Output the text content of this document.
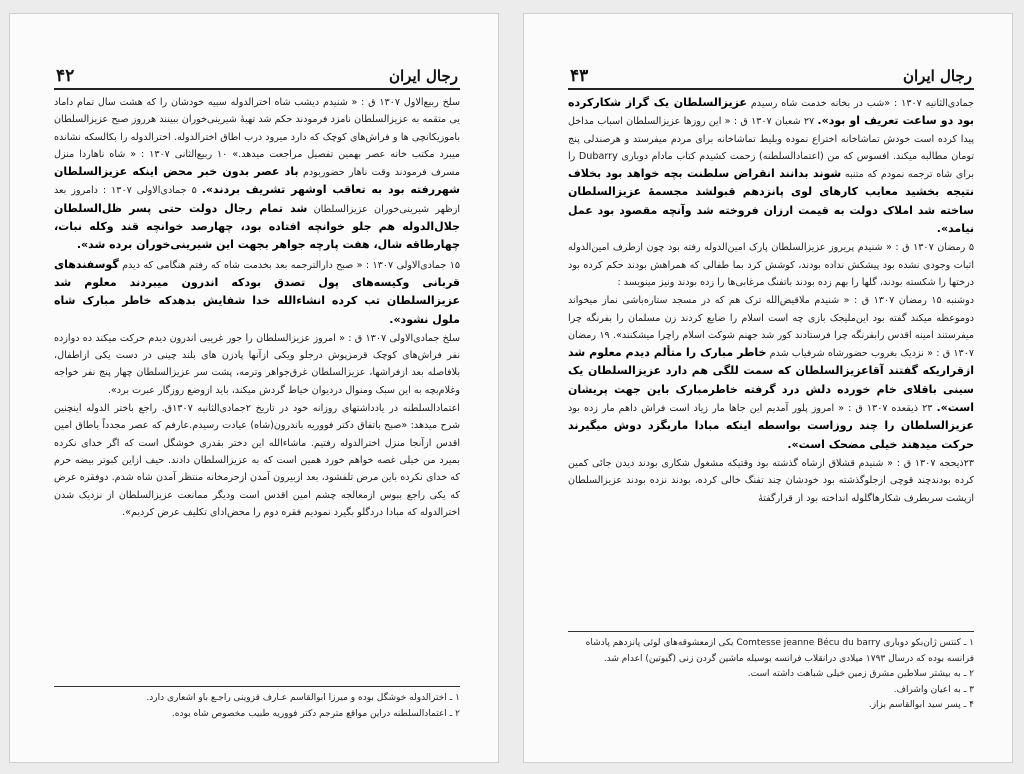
رجال ایران
۴۲

سلخ ربیع‌الاول ۱۳۰۷ ق : « شنیدم دیشب شاه اخترالدوله سبیه خودشان را که هشت سال تمام داماد یی متقمه به عزیزالسلطان نامزد فرمودند حکم شد تهیهٔ شیرینی‌خوران ببینند هرروز صبح عزیزالسلطان باموزیکانچی ها و فراش‌های کوچک که دارد میرود درب اطاق اخترالدوله. اخترالدوله را بکالسکه نشانده میبرد مکتب خانه عصر بهمین تفصیل مراجعت میدهد.» ۱۰ ربیع‌الثانی ۱۳۰۷ : « شاه ناهاردا منزل مسرف فرمودند وقت ناهار حضوربودم باد عصر بدون خبر محض اینکه عزیزالسلطان شهررفته بود به تعاقب اوشهر تشریف بردند». ۵ جمادی‌الاولی ۱۳۰۷ : دامروز بعد ازظهر شیرینی‌خوران عزیزالسلطان شد تمام رجال دولت حتی پسر ظل‌السلطان جلال‌الدوله هم جلو خوانچه افتاده بود، چهارصد خوانچه قند وکله نبات، چهارطاقه شال، هفت پارچه جواهر بجهت این شیرینی‌خوران برده شد».

۱۵ جمادی‌الاولی ۱۳۰۷ : « صبح دارالترجمه بعد بخدمت شاه که رفتم هنگامی که دیدم گوسفندهای قربانی وکیسه‌های پول تصدق بودکه اندرون میبردند معلوم شد عزیزالسلطان تب کرده انشاءالله خدا شفایش بدهدکه خاطر مبارک شاه ملول نشود».

سلخ جمادی‌الاولی ۱۳۰۷ ق : « امروز عزیزالسلطان را جور غریبی اندرون دیدم حرکت میکند ده دوازده نفر فراش‌های کوچک قرمزپوش درجلو ویکی ازآنها پادزن های بلند چینی در دست یکی ازاطفال، بلافاصله بعد ازفراشها، عزیزالسلطان غرق‌جواهر وترمه، پشت سر عزیزالسلطان چهار پنج نفر خواجه وغلام‌بچه به این سبک ومنوال دردیوان خیاط گردش میکند، باید ازوضع روزگار عبرت برد».

اعتمادالسلطنه در یادداشتهای روزانه خود در تاریخ ۲جمادی‌الثانیه ۱۳۰۷ق. راجع باختر الدوله اینچنین شرح میدهد: «صبح باتفاق دکتر فووریه باندرون(شاه) عیادت رسیدم.عارفم که عصر مجدداً باطاق امین اقدس ازآنجا منزل اخترالدوله رفتیم. ماشاءالله این دختر بقدری خوشگل است که اگر خدای نکرده بمیرد من خیلی غصه خواهم خورد همین است که به عزیزالسلطان دادند. حیف ازاین کبوتر بیضه حرم که خدای نکرده باین مرض تلفشود، بعد ازبیرون آمدن ازحرمخانه منتظر آمدن شاه شدم. دوفقره عرض که یکی راجع ببوس ازمعالجه چشم امین اقدس است ودیگر ممانعت عزیزالسلطان از نزدیک شدن اخترالدوله که مبادا دردگلو بگیرد نمودیم فقره دوم را محض‌ادای تکلیف عرض کردیم».

۱ ـ اخترالدوله خوشگل بوده و میرزا ابوالقاسم عـارف قزوینی راجـع باو اشعاری دارد.
۲ ـ اعتمادالسلطنه دراین مواقع مترجم دکتر فووریه طبیب مخصوص شاه بوده.
رجال ایران
۴۳

جمادی‌الثانیه ۱۳۰۷ : «شب در بخانه خدمت شاه رسیدم عزیزالسلطان یک گراز شکارکرده بود دو ساعت تعریف او بود». ۲۷ شعبان ۱۳۰۷ ق : « این روزها عزیزالسلطان اسباب مداخل پیدا کرده است خودش تماشاخانه اختراع نموده وبلیط تماشاخانه برای مردم میفرستد و هرصندلی پنج تومان مطالبه میکند. افسوس که من (اعتمادالسلطنه) زحمت کشیدم کتاب مادام دوباری Dubarry را برای شاه ترجمه نمودم که متنبه شوند بدانند انقراض سلطنت بچه خواهد بود بخلاف نتیجه بخشید معایب کارهای لوی پانزدهم قبولشد مجسمهٔ عزیزالسلطان ساخته شد املاک دولت به قیمت ارزان فروخته شد وآنچه مقصود بود عمل نیامد».

۵ رمضان ۱۳۰۷ ق : « شنیدم پریروز عزیزالسلطان پارک امین‌الدوله رفته بود چون ازطرف امین‌الدوله اثبات وجودی نشده بود پیشکش نداده بودند، کوشش کرد بما طفالی که همراهش بودند حکم کرده بود درختها را شکسته بودند، گلها را بهم زده بودند باتفنگ مرغابی‌ها را زده بودند ونیز مینویسد :

دوشنبه ۱۵ رمضان ۱۳۰۷ ق : « شنیدم ملاقیض‌الله ترک هم که در مسجد ستاره‌باشی نماز میخواند دوموعظه میکند گفته بود این‌ملیجک بازی چه است اسلام را ضایع کردند زن مسلمان را بفرنگه چرا میفرستند امینه اقدس رابفرنگه چرا فرستادند کور شد جهنم شوکت اسلام راچرا میشکنند». ۱۹ رمضان ۱۳۰۷ ق : « نزدیک بغروب حضورشاه شرفیاب شدم خاطر مبارک را متألم دیدم معلوم شد ازقراریکه گفتند آقاعزیزالسلطان که سمت للگی هم دارد عزیزالسلطان یک سینی باقلای خام خورده دلش درد گرفته خاطرمبارک باین جهت پریشان است». ۲۳ ذیقعده ۱۳۰۷ ق : « امروز پلور آمدیم این جاها مار زیاد است فراش داهم مار زده بود عزیزالسلطان را چند روزاست بواسطه اینکه مبادا ماربگزد دوش میگیرند حرکت میدهند خیلی مضحک است».

۲۳ذیحجه ۱۳۰۷ ق : « شنیدم قشلاق ازشاه گذشته بود وقتیکه مشغول شکاری بودند دیدن جائی کمین کرده بودندچند قوچی ازجلوگذشته بود خودشان چند تفنگ خالی کرده، بودند نزده بودند عزیزالسلطان ازپشت سربطرف شکارهاگلوله انداخته بود از قرارگفتهٔ

۱ ـ کنتس ژان‌بکو دوباری Comtesse jeanne Bécu du barry یکی ازمعشوقه‌های لوئی پانزدهم پادشاه فرانسه بوده که درسال ۱۷۹۳ میلادی درانقلاب فرانسه بوسیله ماشین گردن زنی (گیوتین) اعدام شد.
۲ ـ به بیشتر سلاطین مشرق زمین خیلی شباهت داشته است.
۳ ـ به اعیان واشراف.
۴ ـ پسر سید ابوالقاسم بزاز.
